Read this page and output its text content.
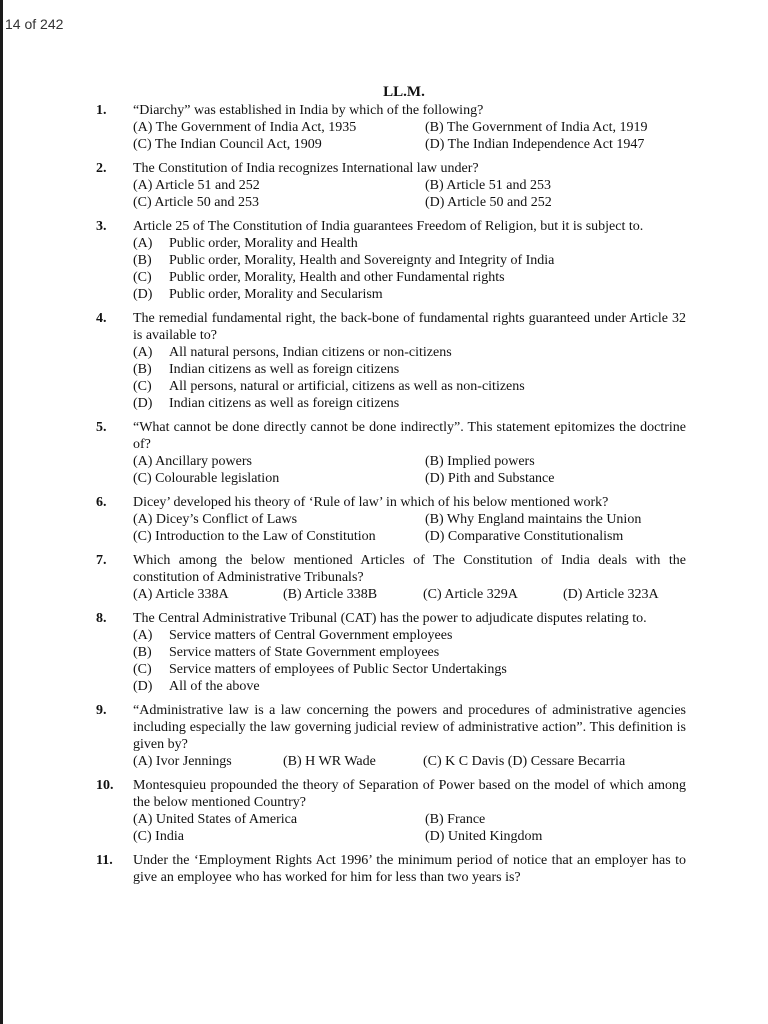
14 of 242
LL.M.
1. “Diarchy” was established in India by which of the following?
(A) The Government of India Act, 1935	(B) The Government of India Act, 1919
(C) The Indian Council Act, 1909	(D) The Indian Independence Act 1947
2. The Constitution of India recognizes International law under?
(A) Article 51 and 252	(B) Article 51 and 253
(C) Article 50 and 253	(D) Article 50 and 252
3. Article 25 of The Constitution of India guarantees Freedom of Religion, but it is subject to.
(A)	Public order, Morality and Health
(B)	Public order, Morality, Health and Sovereignty and Integrity of India
(C)	Public order, Morality, Health and other Fundamental rights
(D)	Public order, Morality and Secularism
4. The remedial fundamental right, the back-bone of fundamental rights guaranteed under Article 32 is available to?
(A)	All natural persons, Indian citizens or non-citizens
(B)	Indian citizens as well as foreign citizens
(C)	All persons, natural or artificial, citizens as well as non-citizens
(D)	Indian citizens as well as foreign citizens
5. “What cannot be done directly cannot be done indirectly”. This statement epitomizes the doctrine of?
(A) Ancillary powers	(B) Implied powers
(C) Colourable legislation	(D) Pith and Substance
6. Dicey’ developed his theory of ‘Rule of law’ in which of his below mentioned work?
(A) Dicey’s Conflict of Laws	(B) Why England maintains the Union
(C) Introduction to the Law of Constitution	(D) Comparative Constitutionalism
7. Which among the below mentioned Articles of The Constitution of India deals with the constitution of Administrative Tribunals?
(A) Article 338A	(B) Article 338B	(C) Article 329A	(D) Article 323A
8. The Central Administrative Tribunal (CAT) has the power to adjudicate disputes relating to.
(A)	Service matters of Central Government employees
(B)	Service matters of State Government employees
(C)	Service matters of employees of Public Sector Undertakings
(D)	All of the above
9. “Administrative law is a law concerning the powers and procedures of administrative agencies including especially the law governing judicial review of administrative action”. This definition is given by?
(A) Ivor Jennings	(B) H WR Wade	(C) K C Davis (D) Cessare Becarria
10. Montesquieu propounded the theory of Separation of Power based on the model of which among the below mentioned Country?
(A) United States of America	(B) France
(C) India	(D) United Kingdom
11. Under the ‘Employment Rights Act 1996’ the minimum period of notice that an employer has to give an employee who has worked for him for less than two years is?
